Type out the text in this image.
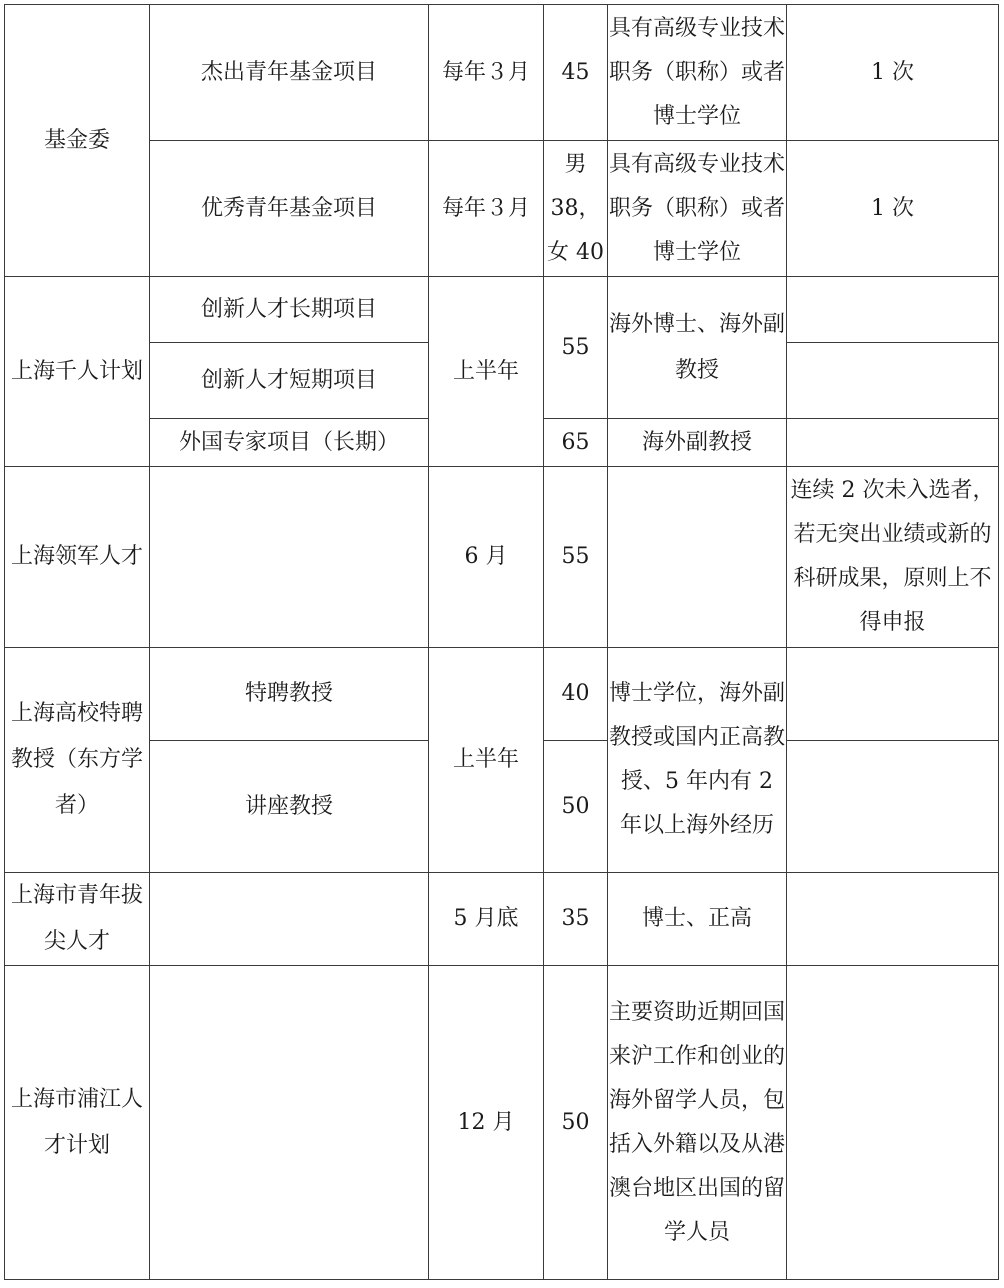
基金委	杰出青年基金项目	每年３月	45	具有高级专业技术职务（职称）或者博士学位	1 次
	优秀青年基金项目	每年３月	男38，女 40	具有高级专业技术职务（职称）或者博士学位	1 次
上海千人计划	创新人才长期项目	上半年	55	海外博士、海外副教授	
	创新人才短期项目				
	外国专家项目（长期）		65	海外副教授	
上海领军人才		6 月	55		连续 2 次未入选者，若无突出业绩或新的科研成果，原则上不得申报
上海高校特聘教授（东方学者）	特聘教授	上半年	40	博士学位，海外副教授或国内正高教授、5 年内有 2 年以上海外经历	
	讲座教授		50		
上海市青年拔尖人才		5 月底	35	博士、正高	
上海市浦江人才计划		12 月	50	主要资助近期回国来沪工作和创业的海外留学人员，包括入外籍以及从港澳台地区出国的留学人员	
